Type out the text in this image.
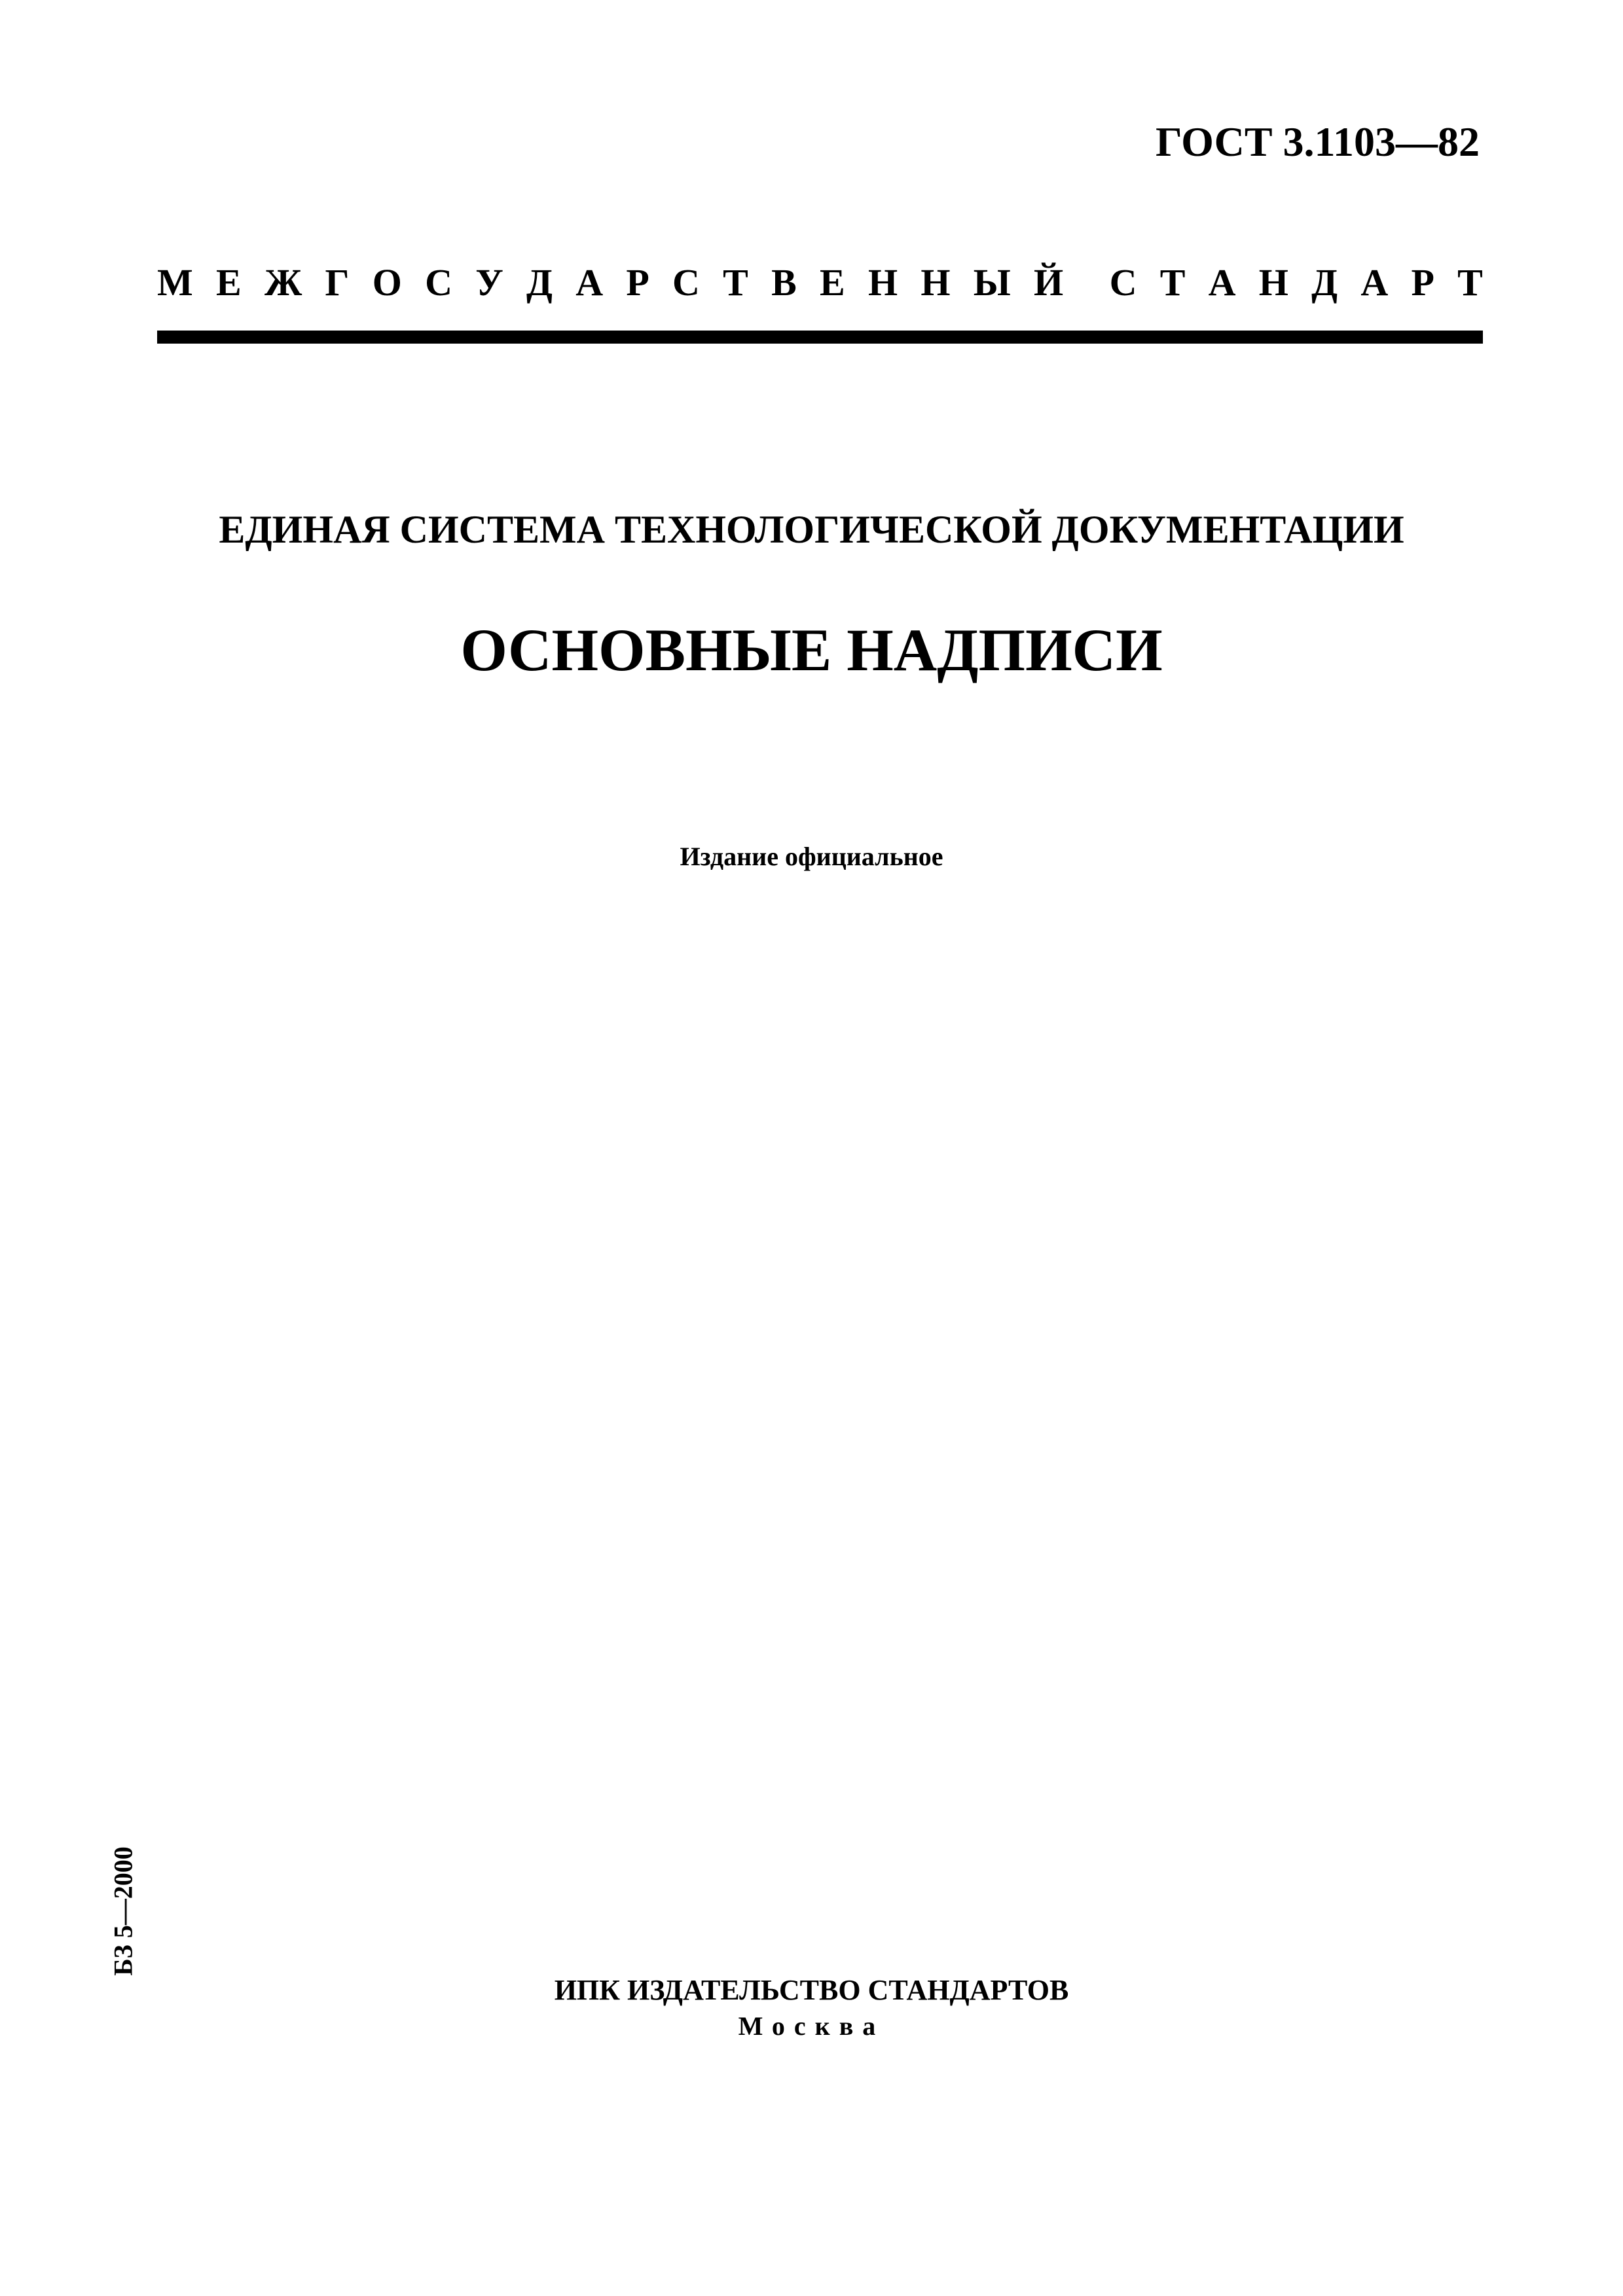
ГОСТ 3.1103—82
М Е Ж Г О С У Д А Р С Т В Е Н Н Ы Й С Т А Н Д А Р Т
ЕДИНАЯ СИСТЕМА ТЕХНОЛОГИЧЕСКОЙ ДОКУМЕНТАЦИИ
ОСНОВНЫЕ НАДПИСИ
Издание официальное
БЗ 5—2000
ИПК ИЗДАТЕЛЬСТВО СТАНДАРТОВ
Москва
